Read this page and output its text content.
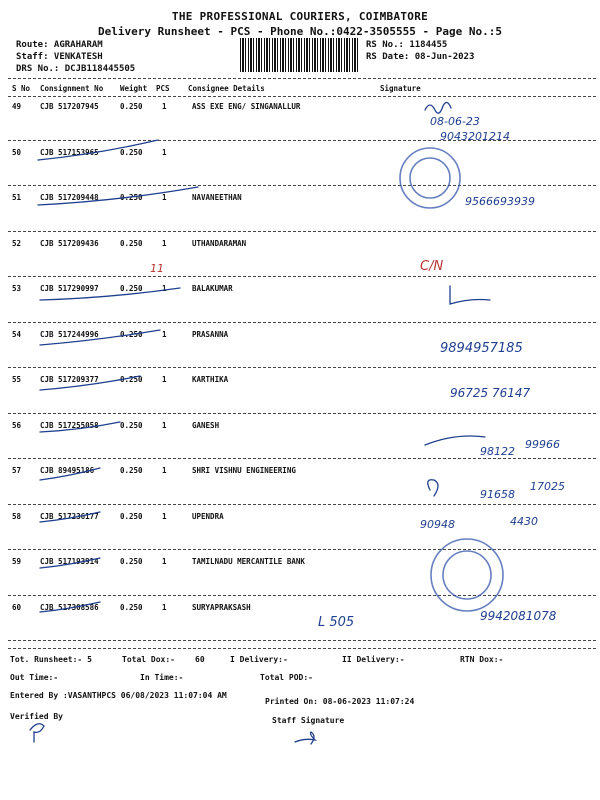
THE PROFESSIONAL COURIERS, COIMBATORE
Delivery Runsheet - PCS - Phone No.:0422-3505555 - Page No.:5
Route: AGRAHARAM
Staff: VENKATESH
DRS No.: DCJB118445505
RS No.: 1184455
RS Date: 08-Jun-2023
S No Consignment No Weight PCS Consignee Details	Signature
49	CJB 517207945	0.250	1	ASS EXE ENG/ SINGANALLUR
50	CJB 517153965	0.250	1
51	CJB 517209448	0.250	1	NAVANEETHAN
52	CJB 517209436	0.250	1	UTHANDARAMAN
53	CJB 517290997	0.250	1	BALAKUMAR
54	CJB 517244996	0.250	1	PRASANNA
55	CJB 517209377	0.250	1	KARTHIKA
56	CJB 517255058	0.250	1	GANESH
57	CJB 89495186	0.250	1	SHRI VISHNU ENGINEERING
58	CJB 517236177	0.250	1	UPENDRA
59	CJB 517193914	0.250	1	TAMILNADU MERCANTILE BANK
60	CJB 517308586	0.250	1	SURYAPRAKSASH
08-06-23
9043201214
9566693939
11	C/N
9894957185
96725 76147
98122
99966
91658
17025
90948	4430
9942081078
L 505
Tot. Runsheet:- 5	Total Dox:-	60	I Delivery:-	II Delivery:-	RTN Dox:-
Out Time:-	In Time:-	Total POD:-
Entered By :VASANTHPCS 06/08/2023 11:07:04 AM
Printed On: 08-06-2023 11:07:24
Verified By	Staff Signature
